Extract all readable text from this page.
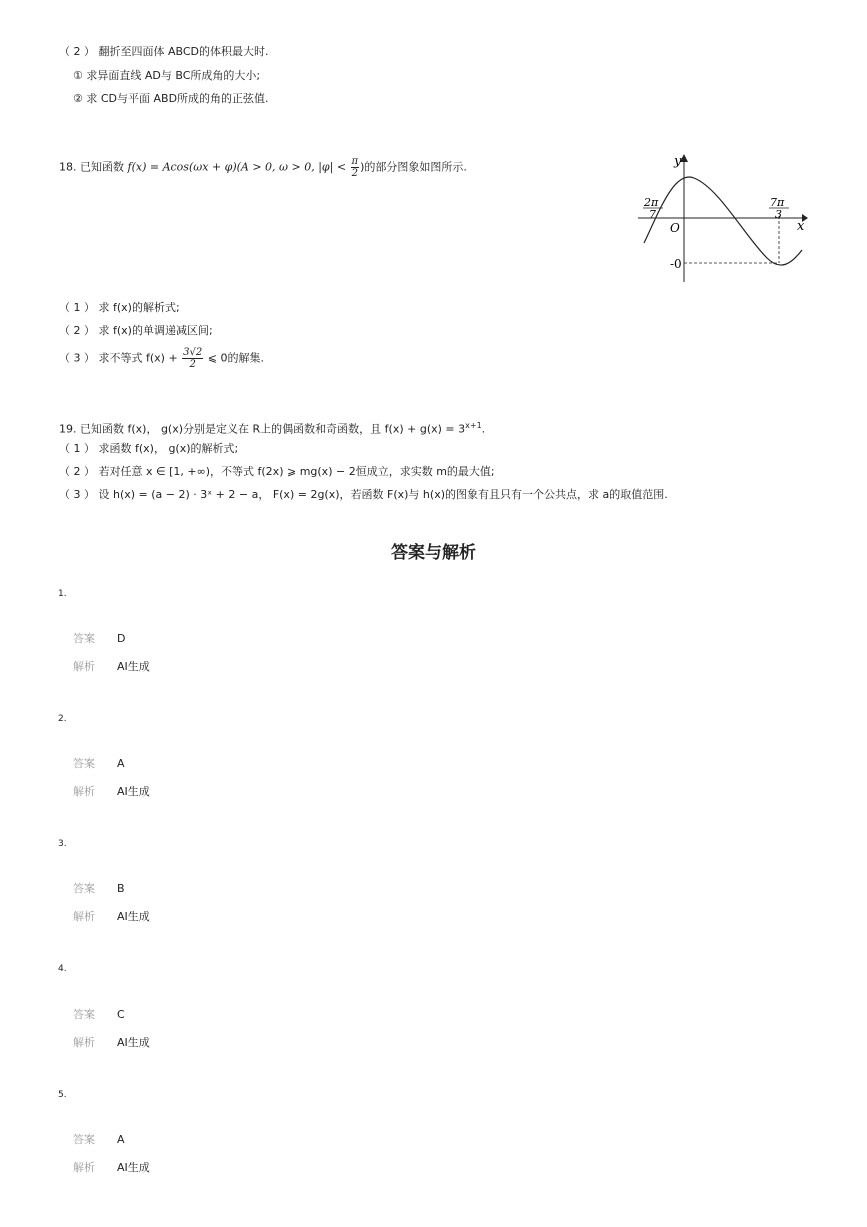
（ 2 ） 翻折至四面体 ABCD的体积最大时.
① 求异面直线 AD与 BC所成角的大小;
② 求 CD与平面 ABD所成的角的正弦值.
18. 已知函数 f(x) = Acos(ωx + φ)(A > 0, ω > 0, $|\varphi| < \frac{\pi}{2}$ )的部分图象如图所示.	y
x
O
2π
7
7π
3
-0
（ 1 ） 求 f(x)的解析式;
（ 2 ） 求 f(x)的单调递减区间;
（ 3 ） 求不等式 $f(x) + \frac{3√2}{2}$ ⩽ 0的解集.
19. 已知函数 f(x)， g(x)分别是定义在 R上的偶函数和奇函数，且 $f(x) + g(x) = 3^{x+1}$.
（ 1 ） 求函数 f(x)， g(x)的解析式;
（ 2 ） 若对任意 x ∈ [1, +∞)，不等式 f(2x) ⩾ mg(x) − 2恒成立，求实数 m的最大值;
（ 3 ） 设 h(x) = (a − 2) · 3ˣ + 2 − a， F(x) = 2g(x)，若函数 F(x)与 h(x)的图象有且只有一个公共点，求 a的取值范围.
答案与解析
1.
答案 D
解析 AI生成
2.
答案 A
解析 AI生成
3.
答案 B
解析 AI生成
4.
答案 C
解析 AI生成
5.
答案 A
解析 AI生成
